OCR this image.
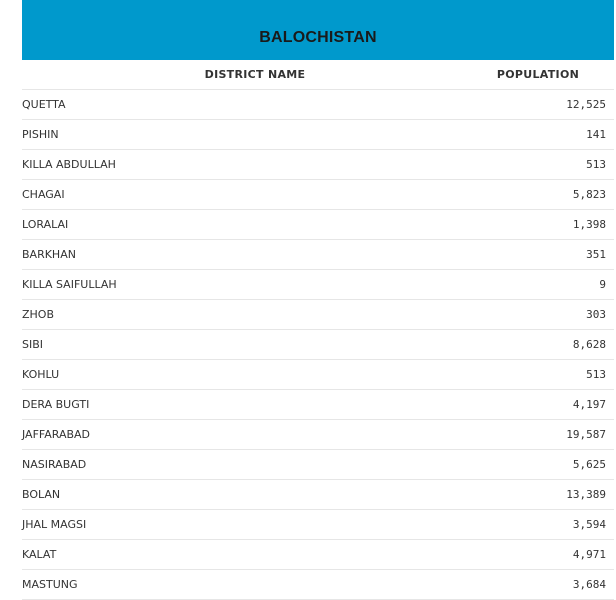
BALOCHISTAN
DISTRICT NAME	POPULATION
QUETTA	12,525
PISHIN	141
KILLA ABDULLAH	513
CHAGAI	5,823
LORALAI	1,398
BARKHAN	351
KILLA SAIFULLAH	9
ZHOB	303
SIBI	8,628
KOHLU	513
DERA BUGTI	4,197
JAFFARABAD	19,587
NASIRABAD	5,625
BOLAN	13,389
JHAL MAGSI	3,594
KALAT	4,971
MASTUNG	3,684
